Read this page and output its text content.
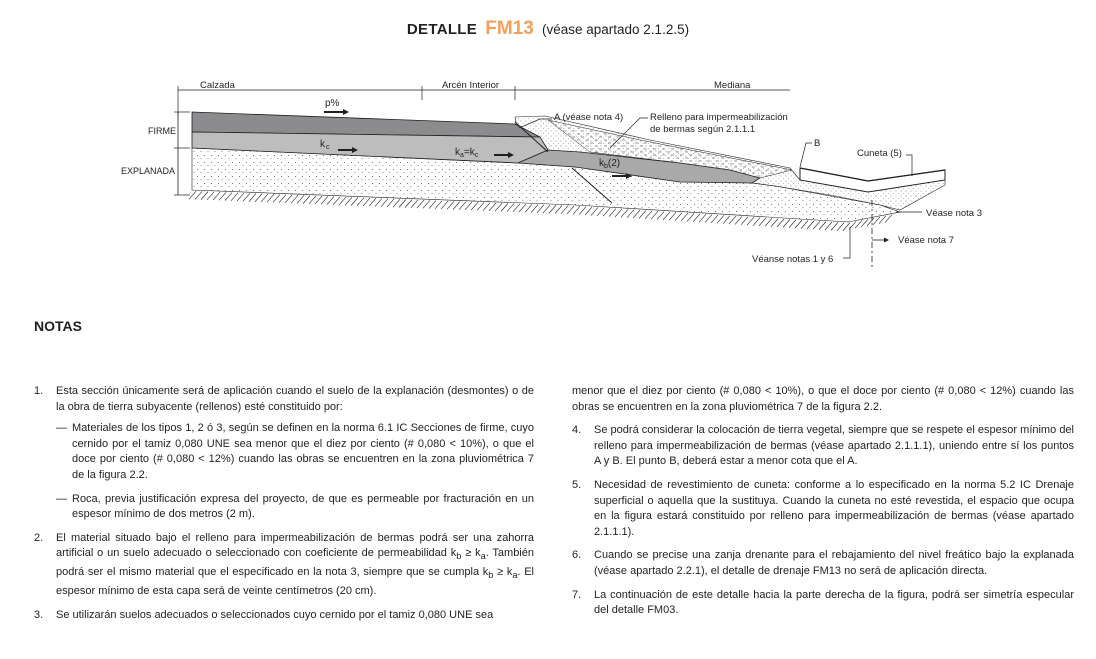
DETALLE FM13 (véase apartado 2.1.2.5)
Calzada	Arcén Interior	Mediana
FIRME
EXPLANADA
p%
$k_c$	$k_a=k_c$
$k_b(2)$
A (véase nota 4)	Relleno para impermeabilización
de bermas según 2.1.1.1
B
Cuneta (5)
Véase nota 3
Véase nota 7
Véanse notas 1 y 6
NOTAS
1. Esta sección únicamente será de aplicación cuando el suelo de la explanación (desmontes) o de la obra de tierra subyacente (rellenos) esté constituido por:

— Materiales de los tipos 1, 2 ó 3, según se definen en la norma 6.1 IC Secciones de firme, cuyo cernido por el tamiz 0,080 UNE sea menor que el diez por ciento (# 0,080 < 10%), o que el doce por ciento (# 0,080 < 12%) cuando las obras se encuentren en la zona pluviométrica 7 de la figura 2.2.
— Roca, previa justificación expresa del proyecto, de que es permeable por fracturación en un espesor mínimo de dos metros (2 m).
2. El material situado bajo el relleno para impermeabilización de bermas podrá ser una zahorra artificial o un suelo adecuado o seleccionado con coeficiente de permeabilidad $k_b \ge k_a$. También podrá ser el mismo material que el especificado en la nota 3, siempre que se cumpla $k_b \ge k_a$. El espesor mínimo de esta capa será de veinte centímetros (20 cm).

3. Se utilizarán suelos adecuados o seleccionados cuyo cernido por el tamiz 0,080 UNE sea

menor que el diez por ciento (# 0,080 < 10%), o que el doce por ciento (# 0,080 < 12%) cuando las obras se encuentren en la zona pluviométrica 7 de la figura 2.2.

4. Se podrá considerar la colocación de tierra vegetal, siempre que se respete el espesor mínimo del relleno para impermeabilización de bermas (véase apartado 2.1.1.1), uniendo entre sí los puntos A y B. El punto B, deberá estar a menor cota que el A.

5. Necesidad de revestimiento de cuneta: conforme a lo especificado en la norma 5.2 IC Drenaje superficial o aquella que la sustituya. Cuando la cuneta no esté revestida, el espacio que ocupa en la figura estará constituido por relleno para impermeabilización de bermas (véase apartado 2.1.1.1).

6. Cuando se precise una zanja drenante para el rebajamiento del nivel freático bajo la explanada (véase apartado 2.2.1), el detalle de drenaje FM13 no será de aplicación directa.

7. La continuación de este detalle hacia la parte derecha de la figura, podrá ser simetría especular del detalle FM03.
